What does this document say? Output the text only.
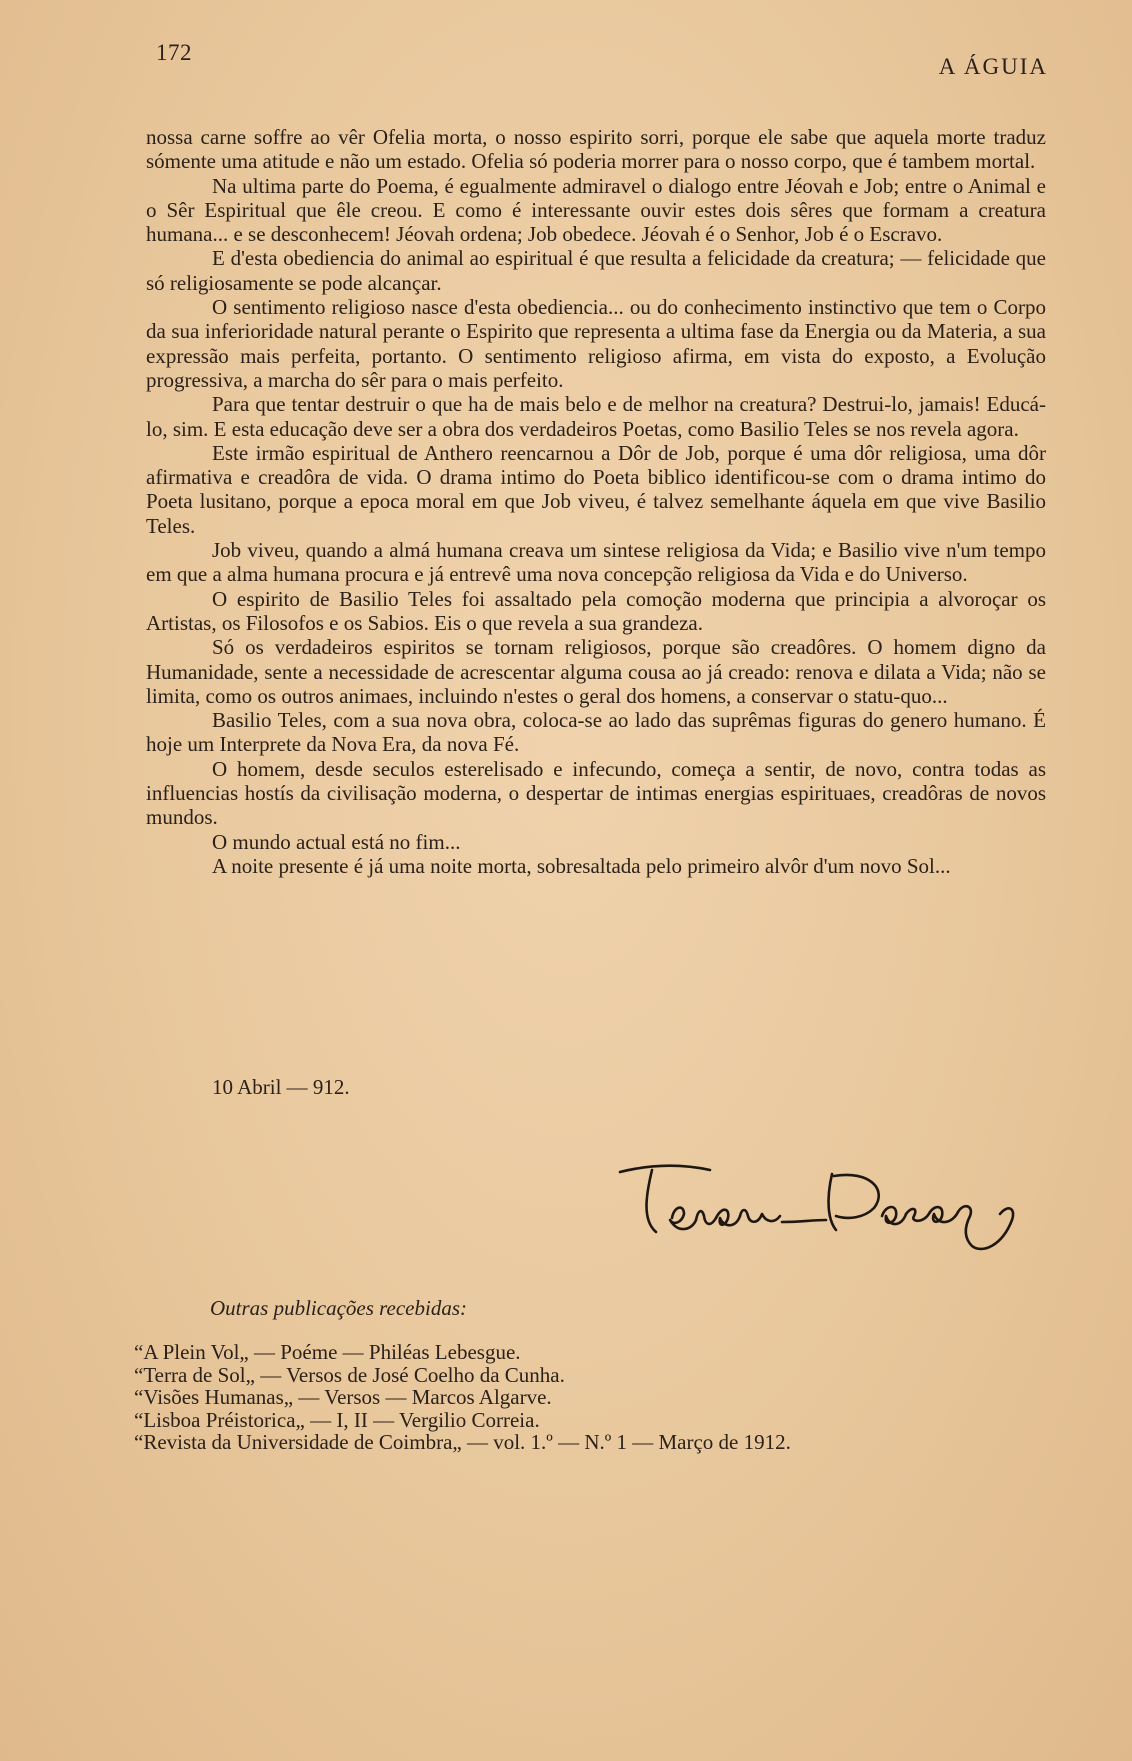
172
A ÁGUIA

nossa carne soffre ao vêr Ofelia morta, o nosso espirito sorri, porque ele sabe que aquela morte traduz sómente uma atitude e não um estado. Ofelia só poderia morrer para o nosso corpo, que é tambem mortal.

Na ultima parte do Poema, é egualmente admiravel o dialogo entre Jéovah e Job; entre o Animal e o Sêr Espiritual que êle creou. E como é interessante ouvir estes dois sêres que formam a creatura humana... e se desconhecem! Jéovah ordena; Job obedece. Jéovah é o Senhor, Job é o Escravo.

E d'esta obediencia do animal ao espiritual é que resulta a felicidade da creatura; — felicidade que só religiosamente se pode alcançar.

O sentimento religioso nasce d'esta obediencia... ou do conhecimento instinctivo que tem o Corpo da sua inferioridade natural perante o Espirito que representa a ultima fase da Energia ou da Materia, a sua expressão mais perfeita, portanto. O sentimento religioso afirma, em vista do exposto, a Evolução progressiva, a marcha do sêr para o mais perfeito.

Para que tentar destruir o que ha de mais belo e de melhor na creatura? Destrui-lo, jamais! Educá-lo, sim. E esta educação deve ser a obra dos verdadeiros Poetas, como Basilio Teles se nos revela agora.

Este irmão espiritual de Anthero reencarnou a Dôr de Job, porque é uma dôr religiosa, uma dôr afirmativa e creadôra de vida. O drama intimo do Poeta biblico identificou-se com o drama intimo do Poeta lusitano, porque a epoca moral em que Job viveu, é talvez semelhante áquela em que vive Basilio Teles.

Job viveu, quando a almá humana creava um sintese religiosa da Vida; e Basilio vive n'um tempo em que a alma humana procura e já entrevê uma nova concepção religiosa da Vida e do Universo.

O espirito de Basilio Teles foi assaltado pela comoção moderna que principia a alvoroçar os Artistas, os Filosofos e os Sabios. Eis o que revela a sua grandeza.

Só os verdadeiros espiritos se tornam religiosos, porque são creadôres. O homem digno da Humanidade, sente a necessidade de acrescentar alguma cousa ao já creado: renova e dilata a Vida; não se limita, como os outros animaes, incluindo n'estes o geral dos homens, a conservar o statu-quo...

Basilio Teles, com a sua nova obra, coloca-se ao lado das suprêmas figuras do genero humano. É hoje um Interprete da Nova Era, da nova Fé.

O homem, desde seculos esterelisado e infecundo, começa a sentir, de novo, contra todas as influencias hostís da civilisação moderna, o despertar de intimas energias espirituaes, creadôras de novos mundos.

O mundo actual está no fim...

A noite presente é já uma noite morta, sobresaltada pelo primeiro alvôr d'um novo Sol...

10 Abril — 912.
Outras publicações recebidas:
“A Plein Vol„ — Poéme — Philéas Lebesgue.
“Terra de Sol„ — Versos de José Coelho da Cunha.
“Visões Humanas„ — Versos — Marcos Algarve.
“Lisboa Préistorica„ — I, II — Vergilio Correia.
“Revista da Universidade de Coimbra„ — vol. 1.º — N.º 1 — Março de 1912.
